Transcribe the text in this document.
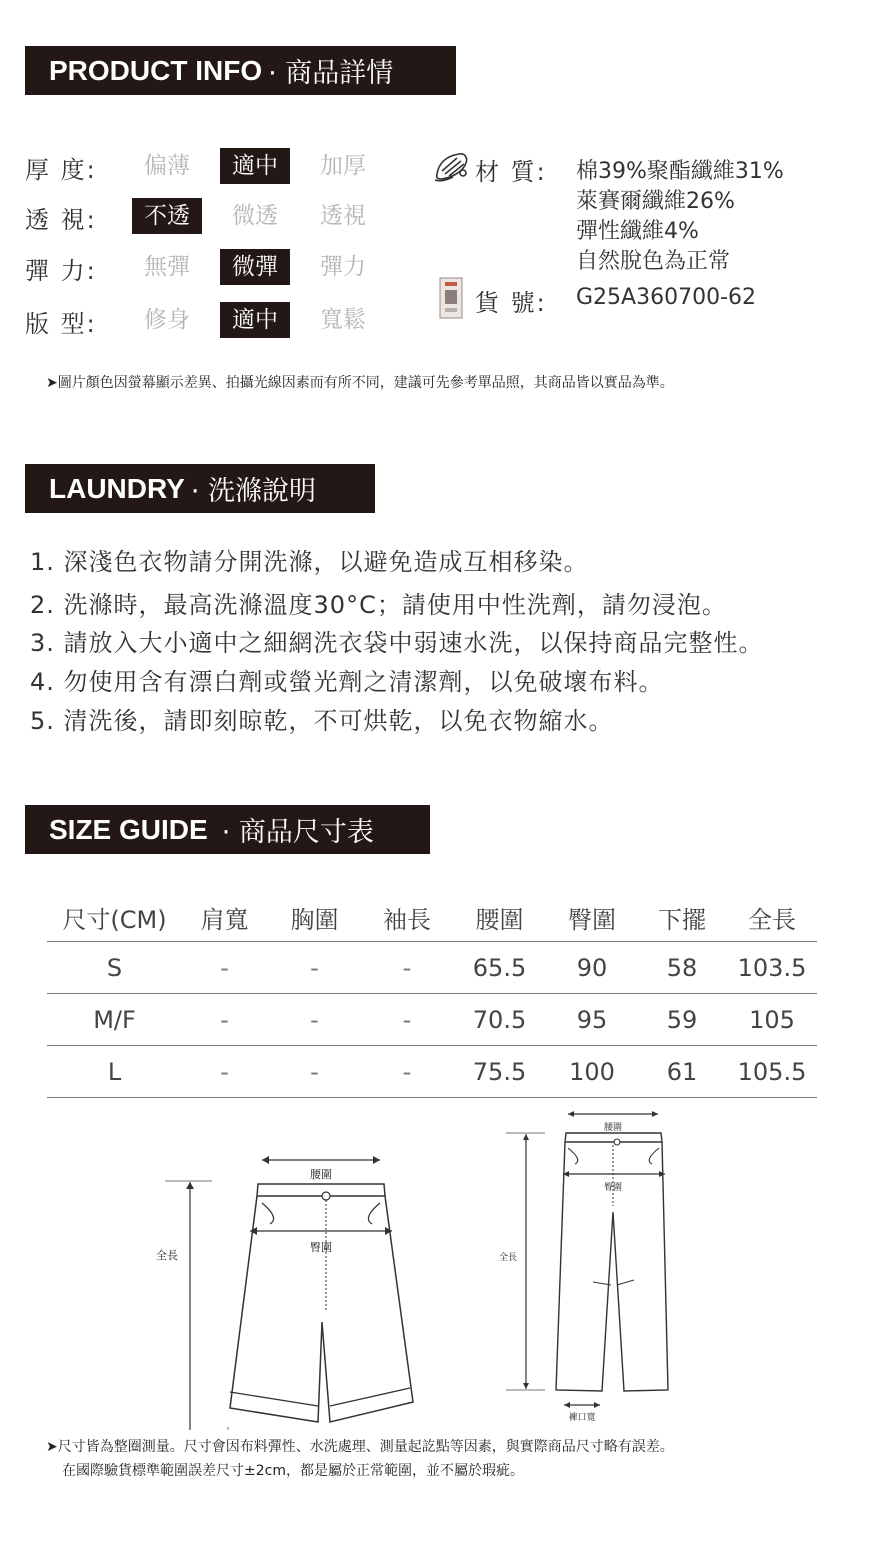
PRODUCT INFO · 商品詳情
厚 度:	偏薄	適中	加厚
透 視:	不透	微透	透視
彈 力:	無彈	微彈	彈力
版 型:	修身	適中	寬鬆
材 質: 棉39%聚酯纖維31%
萊賽爾纖維26%
彈性纖維4%
自然脫色為正常
貨 號: G25A360700-62
➤圖片顏色因螢幕顯示差異、拍攝光線因素而有所不同，建議可先參考單品照，其商品皆以實品為準。
LAUNDRY · 洗滌說明
1. 深淺色衣物請分開洗滌，以避免造成互相移染。
2. 洗滌時，最高洗滌溫度30°C；請使用中性洗劑，請勿浸泡。
3. 請放入大小適中之細網洗衣袋中弱速水洗，以保持商品完整性。
4. 勿使用含有漂白劑或螢光劑之清潔劑，以免破壞布料。
5. 清洗後，請即刻晾乾，不可烘乾，以免衣物縮水。
SIZE GUIDE · 商品尺寸表
尺寸(CM)	肩寬	胸圍	袖長	腰圍	臀圍	下擺	全長
S	-	-	-	65.5	90	58	103.5
M/F	-	-	-	70.5	95	59	105
L	-	-	-	75.5	100	61	105.5
腰圍
臀圍
全長
腰圍
臀圍
全長
褲口寬
➤尺寸皆為整圈測量。尺寸會因布料彈性、水洗處理、測量起訖點等因素，與實際商品尺寸略有誤差。
在國際驗貨標準範圍誤差尺寸±2cm，都是屬於正常範圍，並不屬於瑕疵。
